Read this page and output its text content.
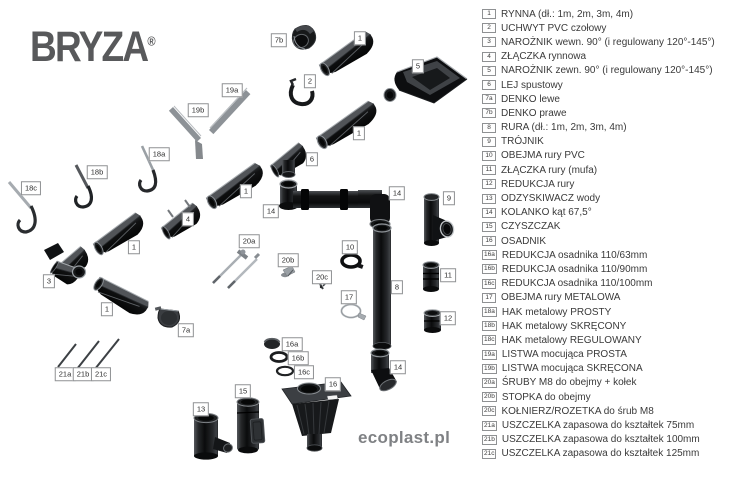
7b	1
5
2
19a
19b
1
18a
6
18b
18c	1	14
9
14
4
20a
1	10
20b
11
20c
3
8
17
1
12
7a
16a
16b
14
16c
21a 21b 21c
16
15
13
BRYZA®
ecoplast.pl
1	RYNNA (dł.: 1m, 2m, 3m, 4m)
2	UCHWYT PVC czołowy
3	NAROŻNIK wewn. 90° (i regulowany 120°-145°)
4	ZŁĄCZKA rynnowa
5	NAROŻNIK zewn. 90° (i regulowany 120°-145°)
6	LEJ spustowy
7a DENKO lewe
7b DENKO prawe
8	RURA (dł.: 1m, 2m, 3m, 4m)
9	TRÓJNIK
10 OBEJMA rury PVC
11 ZŁĄCZKA rury (mufa)
12 REDUKCJA rury
13 ODZYSKIWACZ wody
14 KOLANKO kąt 67,5°
15 CZYSZCZAK
16 OSADNIK
16a REDUKCJA osadnika 110/63mm
16b REDUKCJA osadnika 110/90mm
16c REDUKCJA osadnika 110/100mm
17 OBEJMA rury METALOWA
18a HAK metalowy PROSTY
18b HAK metalowy SKRĘCONY
18c HAK metalowy REGULOWANY
19a LISTWA mocująca PROSTA
19b LISTWA mocująca SKRĘCONA
20a ŚRUBY M8 do obejmy + kołek
20b STOPKA do obejmy
20c KOŁNIERZ/ROZETKA do śrub M8
21a USZCZELKA zapasowa do kształtek 75mm
21b USZCZELKA zapasowa do kształtek 100mm
21c USZCZELKA zapasowa do kształtek 125mm
